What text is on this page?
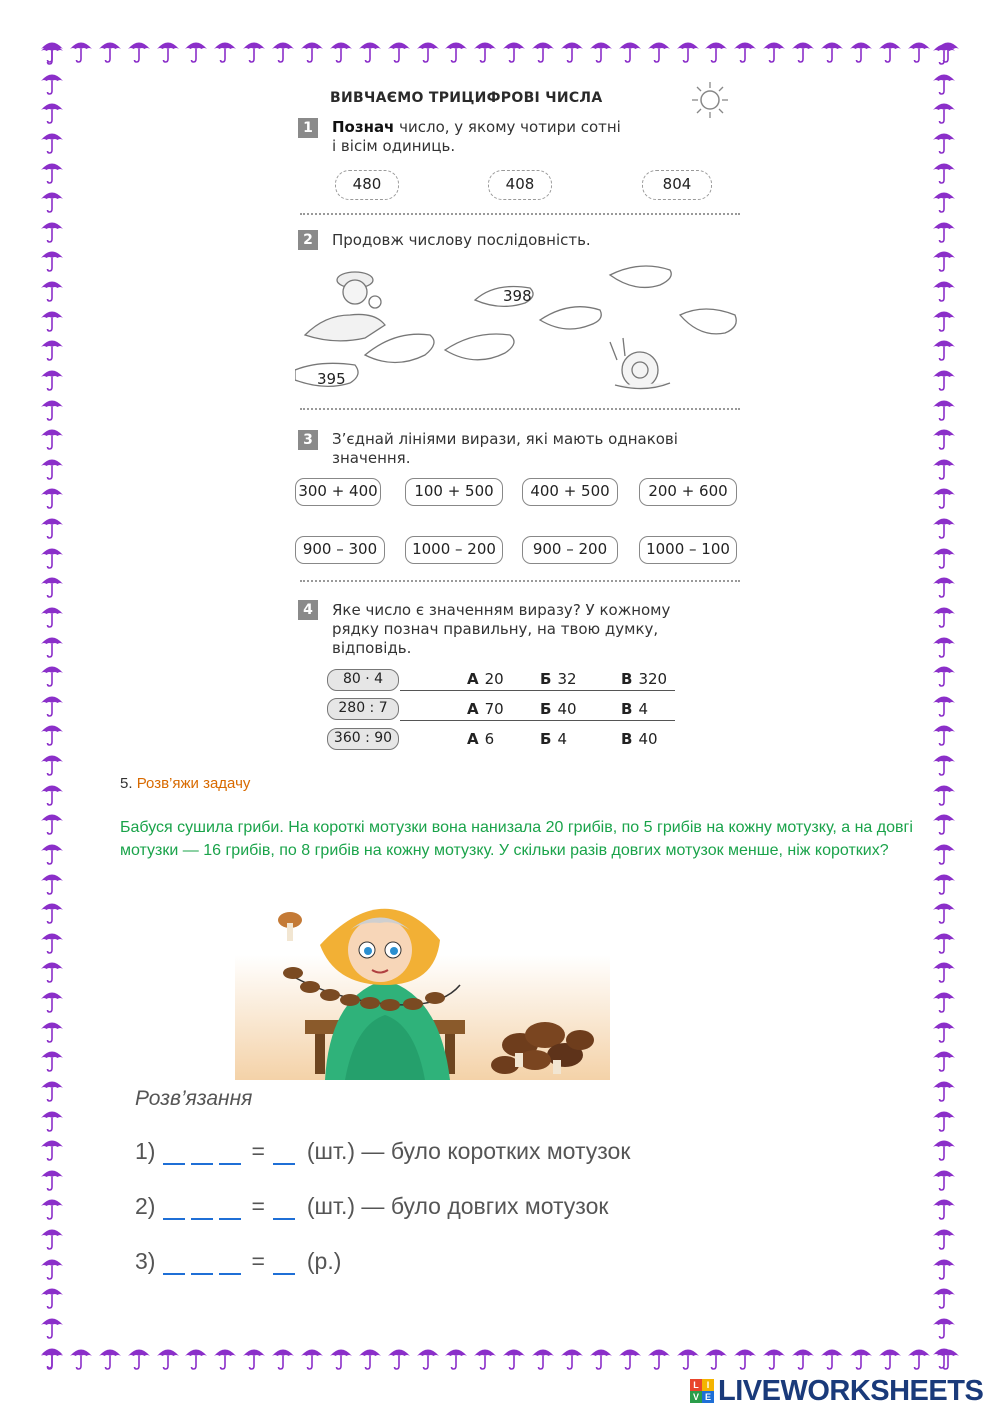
ВИВЧАЄМО ТРИЦИФРОВІ ЧИСЛА
1	Познач число, у якому чотири сотні
і вісім одиниць.
480	408	804
2	Продовж числову послідовність.
398
395
3	З’єднай лініями вирази, які мають однакові
значення.
300 + 400	100 + 500	400 + 500	200 + 600
900 – 300	1000 – 200	900 – 200	1000 – 100
4	Яке число є значенням виразу? У кожному
рядку познач правильну, на твою думку,
відповідь.
80 · 4	А 20 Б 32	В 320
280 : 7	А 70 Б 40	В 4
360 : 90	А 6	Б 4	В 40
5. Розв’яжи задачу
Бабуся сушила гриби. На короткі мотузки вона нанизала 20 грибів, по 5 грибів на кожну мотузку, а на довгі мотузки — 16 грибів, по 8 грибів на кожну мотузку. У скільки разів довгих мотузок менше, ніж коротких?
Розв’язання
1)	= (шт.) — було коротких мотузок
2)	= (шт.) — було довгих мотузок
3)	= (р.)
L I
V E LIVEWORKSHEETS
